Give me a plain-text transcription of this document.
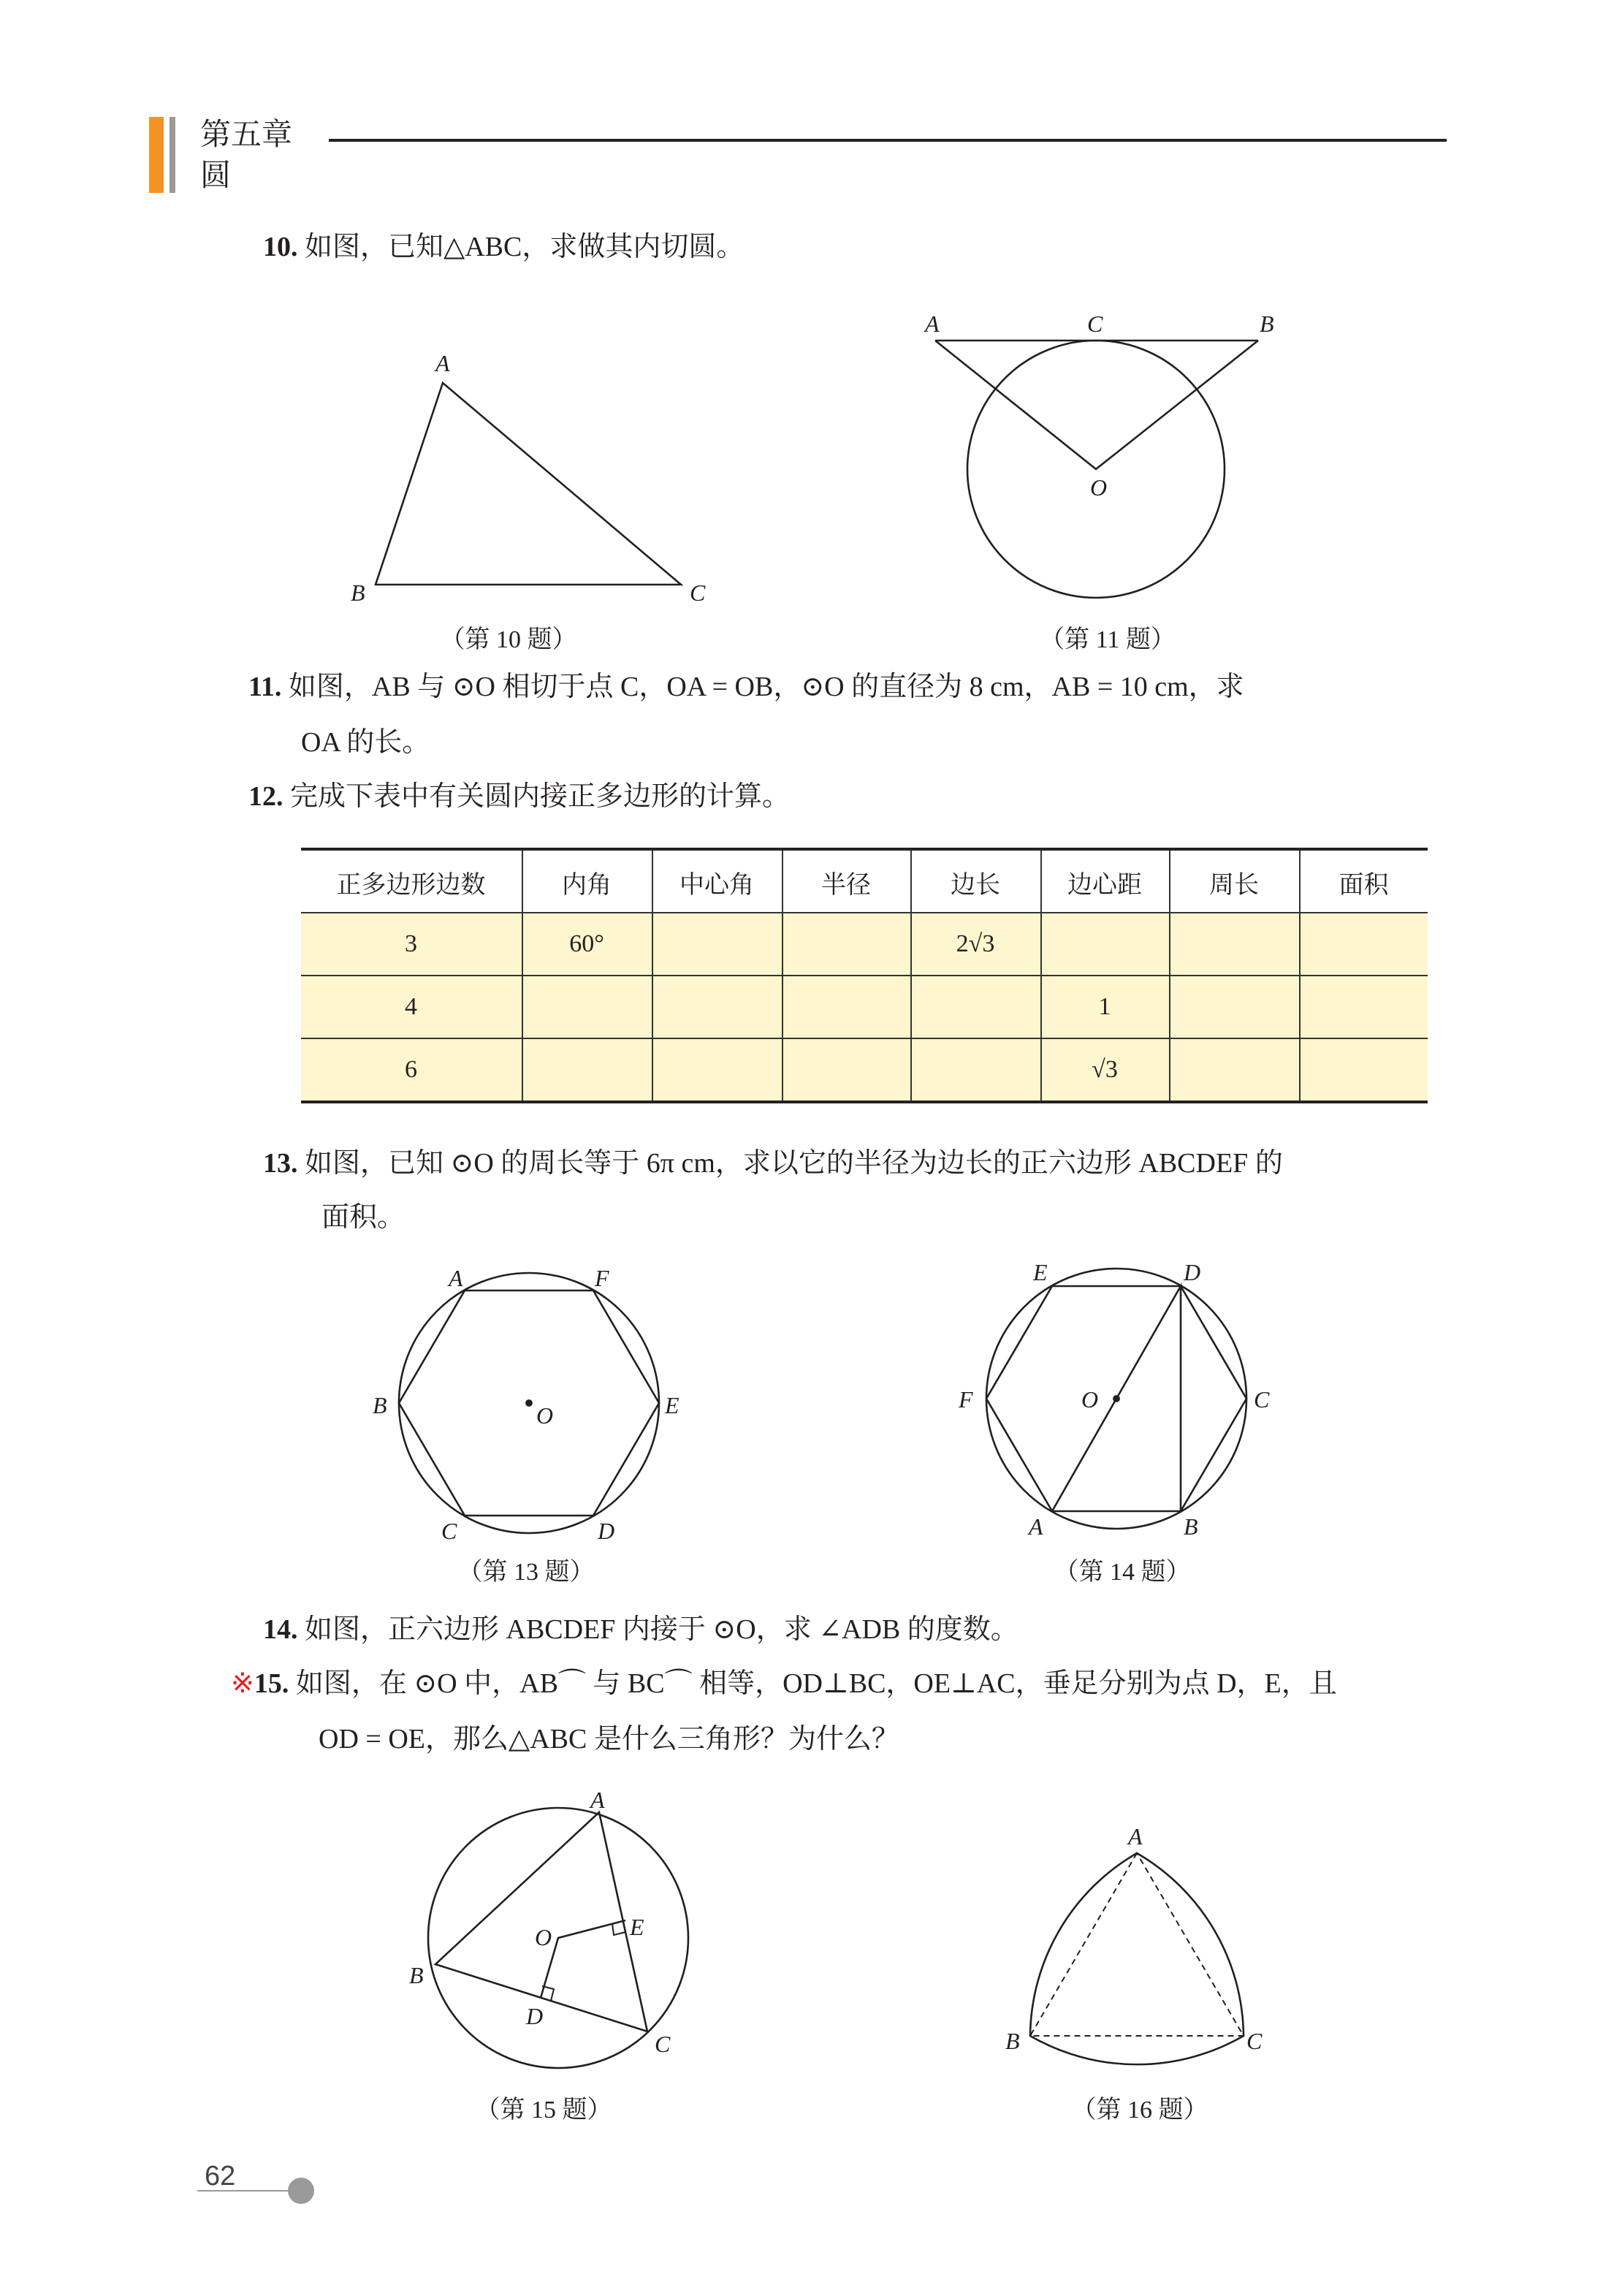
第五章
圆
10. 如图，已知△ABC，求做其内切圆。
11. 如图，AB 与 ⊙O 相切于点 C，OA = OB，⊙O 的直径为 8 cm，AB = 10 cm，求
OA 的长。
12. 完成下表中有关圆内接正多边形的计算。
正多边形边数	内角	中心角	半径	边长	边心距	周长	面积
3	60°			2√3			
4					1		
6					√3		
13. 如图，已知 ⊙O 的周长等于 6π cm，求以它的半径为边长的正六边形 ABCDEF 的
面积。
14. 如图，正六边形 ABCDEF 内接于 ⊙O，求 ∠ADB 的度数。
※15. 如图，在 ⊙O 中，AB⌒ 与 BC⌒ 相等，OD⊥BC，OE⊥AC，垂足分别为点 D，E，且
OD = OE，那么△ABC 是什么三角形？为什么？
（第 10 题）	（第 11 题）
（第 13 题）	（第 14 题）
（第 15 题）	（第 16 题）
A
B	C
A	C	B
O
A	F
B	E
C	D
O
E	D
F	C
A	B
O
A
B
C
O
D
E
A
B	C
62
